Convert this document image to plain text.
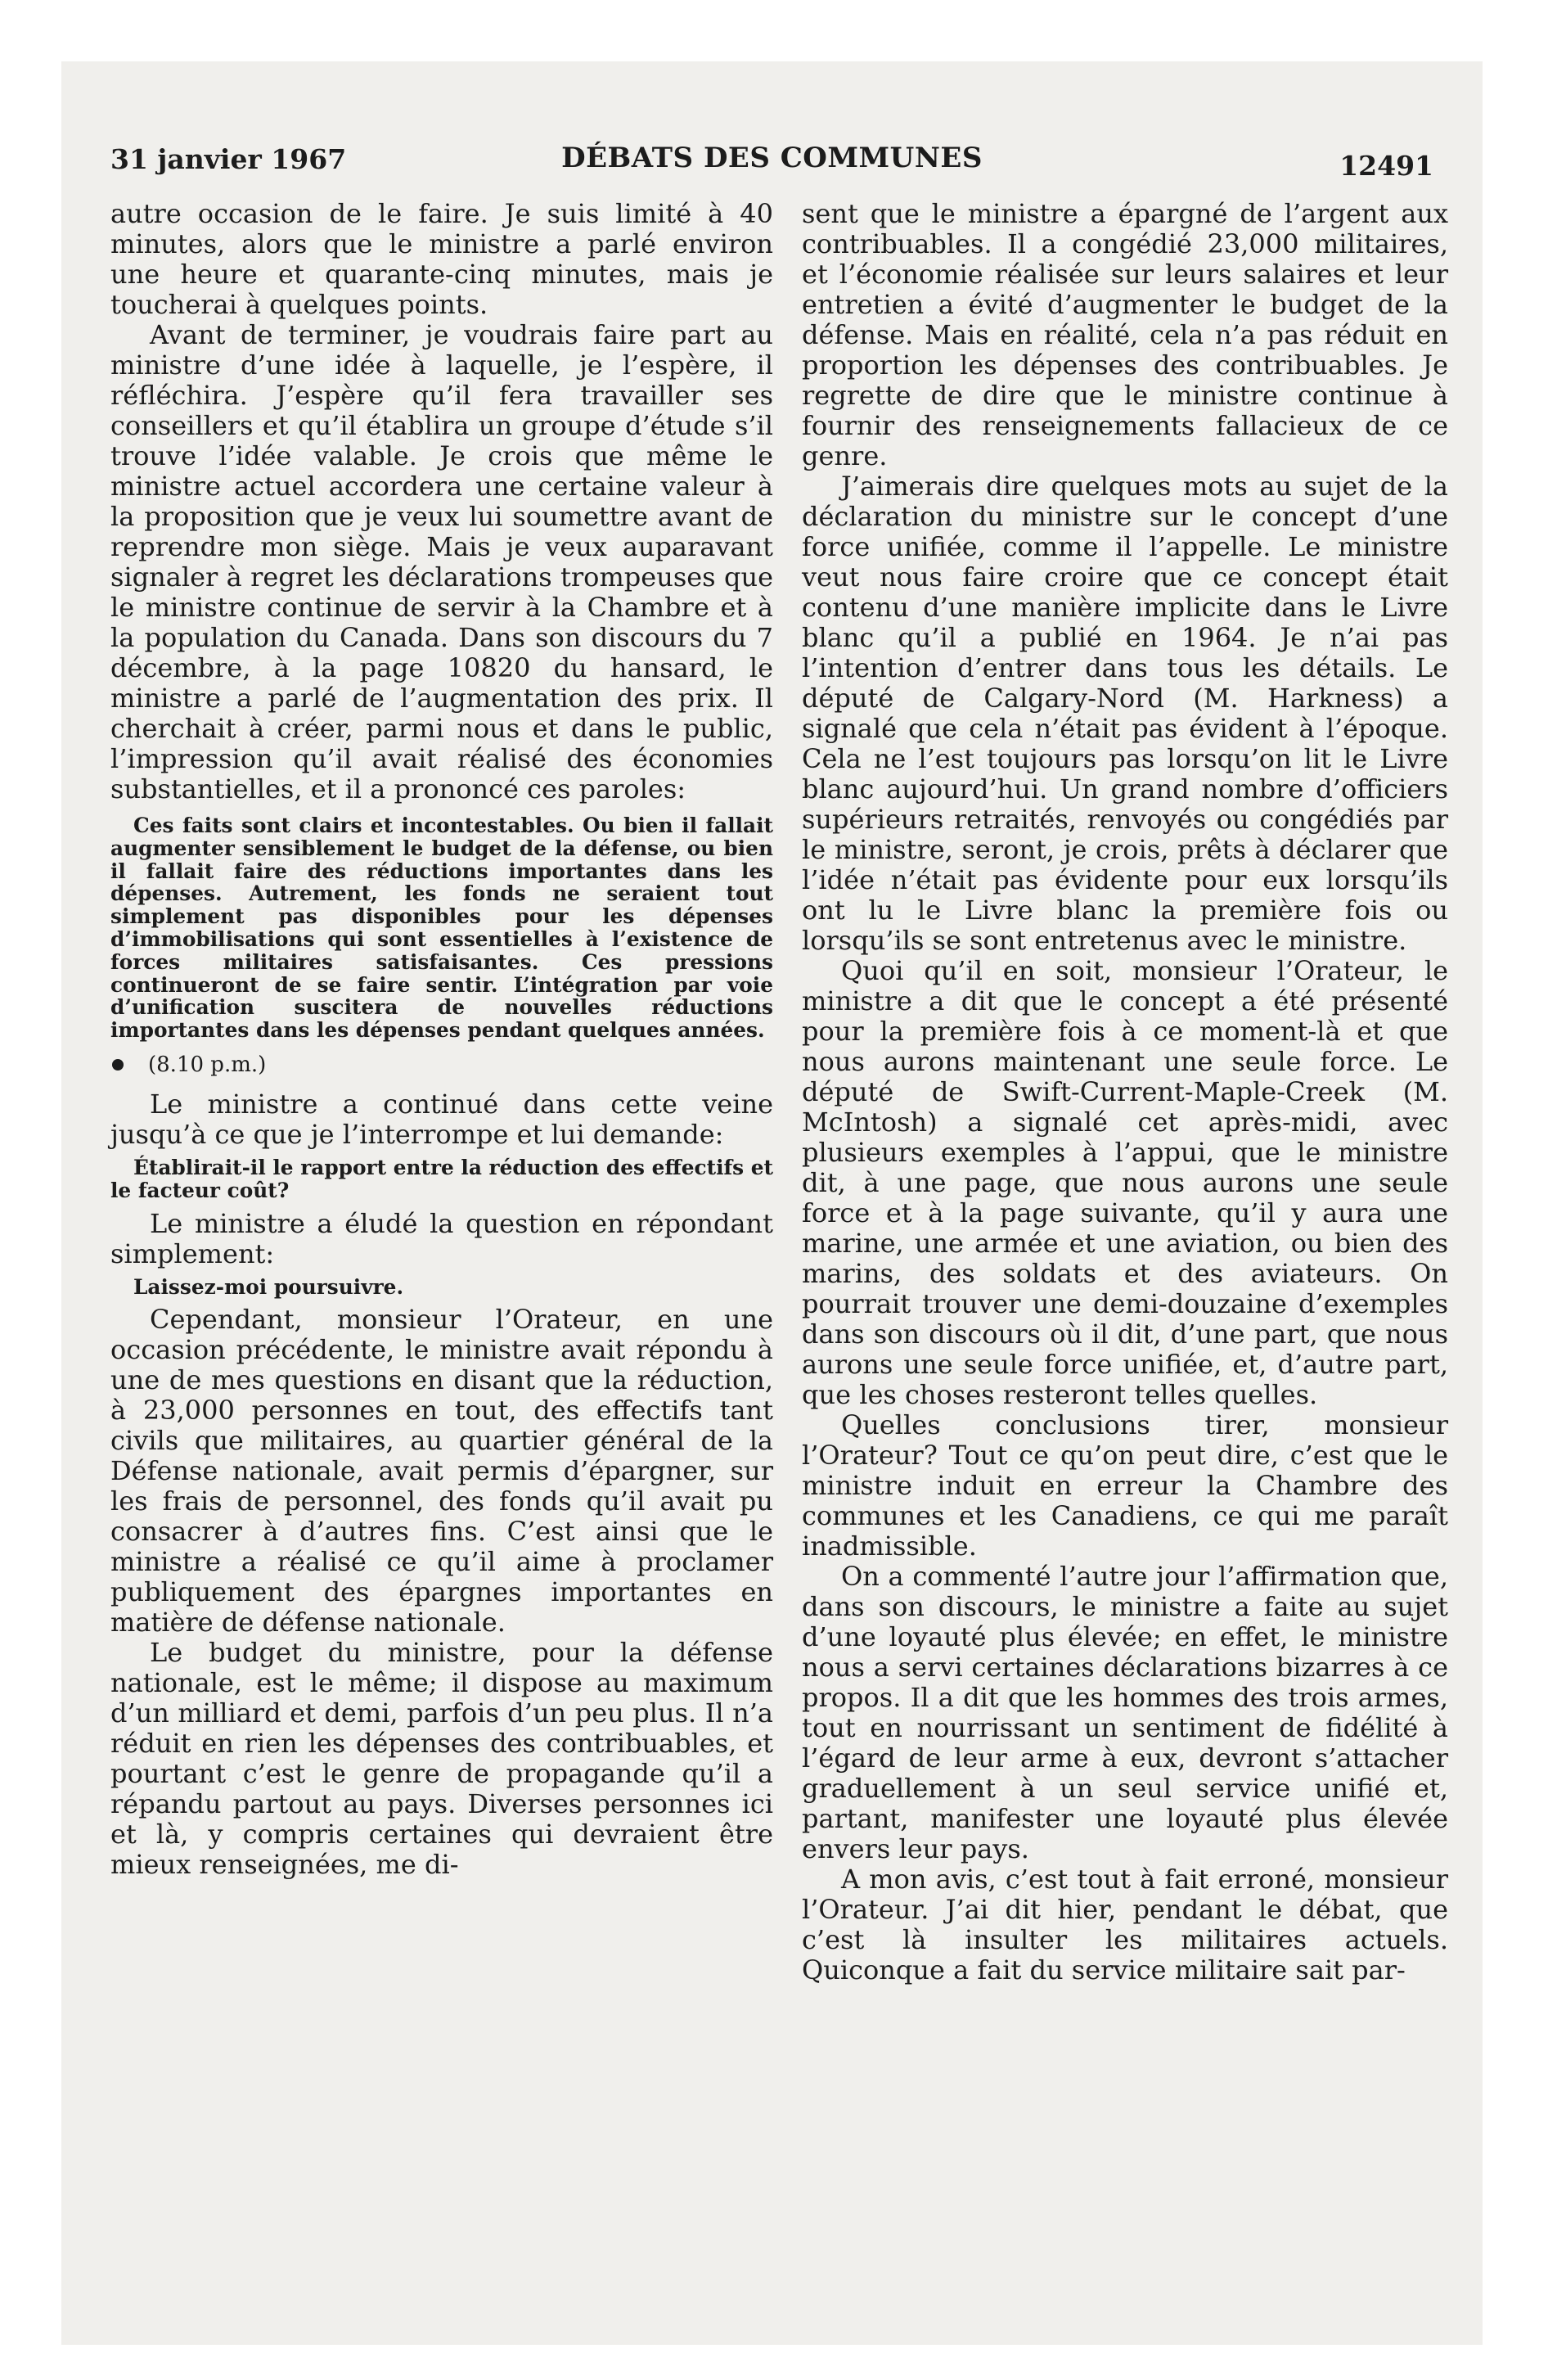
31 janvier 1967	DÉBATS DES COMMUNES	12491

autre occasion de le faire. Je suis limité à 40 minutes, alors que le ministre a parlé environ une heure et quarante-cinq minutes, mais je toucherai à quelques points.

Avant de terminer, je voudrais faire part au ministre d’une idée à laquelle, je l’espère, il réfléchira. J’espère qu’il fera travailler ses conseillers et qu’il établira un groupe d’étude s’il trouve l’idée valable. Je crois que même le ministre actuel accordera une certaine valeur à la proposition que je veux lui soumettre avant de reprendre mon siège. Mais je veux auparavant signaler à regret les déclarations trompeuses que le ministre continue de servir à la Chambre et à la population du Canada. Dans son discours du 7 décembre, à la page 10820 du hansard, le ministre a parlé de l’augmentation des prix. Il cherchait à créer, parmi nous et dans le public, l’impression qu’il avait réalisé des économies substantielles, et il a prononcé ces paroles:

Ces faits sont clairs et incontestables. Ou bien il fallait augmenter sensiblement le budget de la défense, ou bien il fallait faire des réductions importantes dans les dépenses. Autrement, les fonds ne seraient tout simplement pas disponibles pour les dépenses d’immobilisations qui sont essentielles à l’existence de forces militaires satisfaisantes. Ces pressions continueront de se faire sentir. L’intégration par voie d’unification suscitera de nouvelles réductions importantes dans les dépenses pendant quelques années.

(8.10 p.m.)

Le ministre a continué dans cette veine jusqu’à ce que je l’interrompe et lui demande:

Établirait-il le rapport entre la réduction des effectifs et le facteur coût?

Le ministre a éludé la question en répondant simplement:

Laissez-moi poursuivre.

Cependant, monsieur l’Orateur, en une occasion précédente, le ministre avait répondu à une de mes questions en disant que la réduction, à 23,000 personnes en tout, des effectifs tant civils que militaires, au quartier général de la Défense nationale, avait permis d’épargner, sur les frais de personnel, des fonds qu’il avait pu consacrer à d’autres fins. C’est ainsi que le ministre a réalisé ce qu’il aime à proclamer publiquement des épargnes importantes en matière de défense nationale.

Le budget du ministre, pour la défense nationale, est le même; il dispose au maximum d’un milliard et demi, parfois d’un peu plus. Il n’a réduit en rien les dépenses des contribuables, et pourtant c’est le genre de propagande qu’il a répandu partout au pays. Diverses personnes ici et là, y compris certaines qui devraient être mieux renseignées, me di-

sent que le ministre a épargné de l’argent aux contribuables. Il a congédié 23,000 militaires, et l’économie réalisée sur leurs salaires et leur entretien a évité d’augmenter le budget de la défense. Mais en réalité, cela n’a pas réduit en proportion les dépenses des contribuables. Je regrette de dire que le ministre continue à fournir des renseignements fallacieux de ce genre.

J’aimerais dire quelques mots au sujet de la déclaration du ministre sur le concept d’une force unifiée, comme il l’appelle. Le ministre veut nous faire croire que ce concept était contenu d’une manière implicite dans le Livre blanc qu’il a publié en 1964. Je n’ai pas l’intention d’entrer dans tous les détails. Le député de Calgary-Nord (M. Harkness) a signalé que cela n’était pas évident à l’époque. Cela ne l’est toujours pas lorsqu’on lit le Livre blanc aujourd’hui. Un grand nombre d’officiers supérieurs retraités, renvoyés ou congédiés par le ministre, seront, je crois, prêts à déclarer que l’idée n’était pas évidente pour eux lorsqu’ils ont lu le Livre blanc la première fois ou lorsqu’ils se sont entretenus avec le ministre.

Quoi qu’il en soit, monsieur l’Orateur, le ministre a dit que le concept a été présenté pour la première fois à ce moment-là et que nous aurons maintenant une seule force. Le député de Swift-Current-Maple-Creek (M. McIntosh) a signalé cet après-midi, avec plusieurs exemples à l’appui, que le ministre dit, à une page, que nous aurons une seule force et à la page suivante, qu’il y aura une marine, une armée et une aviation, ou bien des marins, des soldats et des aviateurs. On pourrait trouver une demi-douzaine d’exemples dans son discours où il dit, d’une part, que nous aurons une seule force unifiée, et, d’autre part, que les choses resteront telles quelles.

Quelles conclusions tirer, monsieur l’Orateur? Tout ce qu’on peut dire, c’est que le ministre induit en erreur la Chambre des communes et les Canadiens, ce qui me paraît inadmissible.

On a commenté l’autre jour l’affirmation que, dans son discours, le ministre a faite au sujet d’une loyauté plus élevée; en effet, le ministre nous a servi certaines déclarations bizarres à ce propos. Il a dit que les hommes des trois armes, tout en nourrissant un sentiment de fidélité à l’égard de leur arme à eux, devront s’attacher graduellement à un seul service unifié et, partant, manifester une loyauté plus élevée envers leur pays.

A mon avis, c’est tout à fait erroné, monsieur l’Orateur. J’ai dit hier, pendant le débat, que c’est là insulter les militaires actuels. Quiconque a fait du service militaire sait par-
